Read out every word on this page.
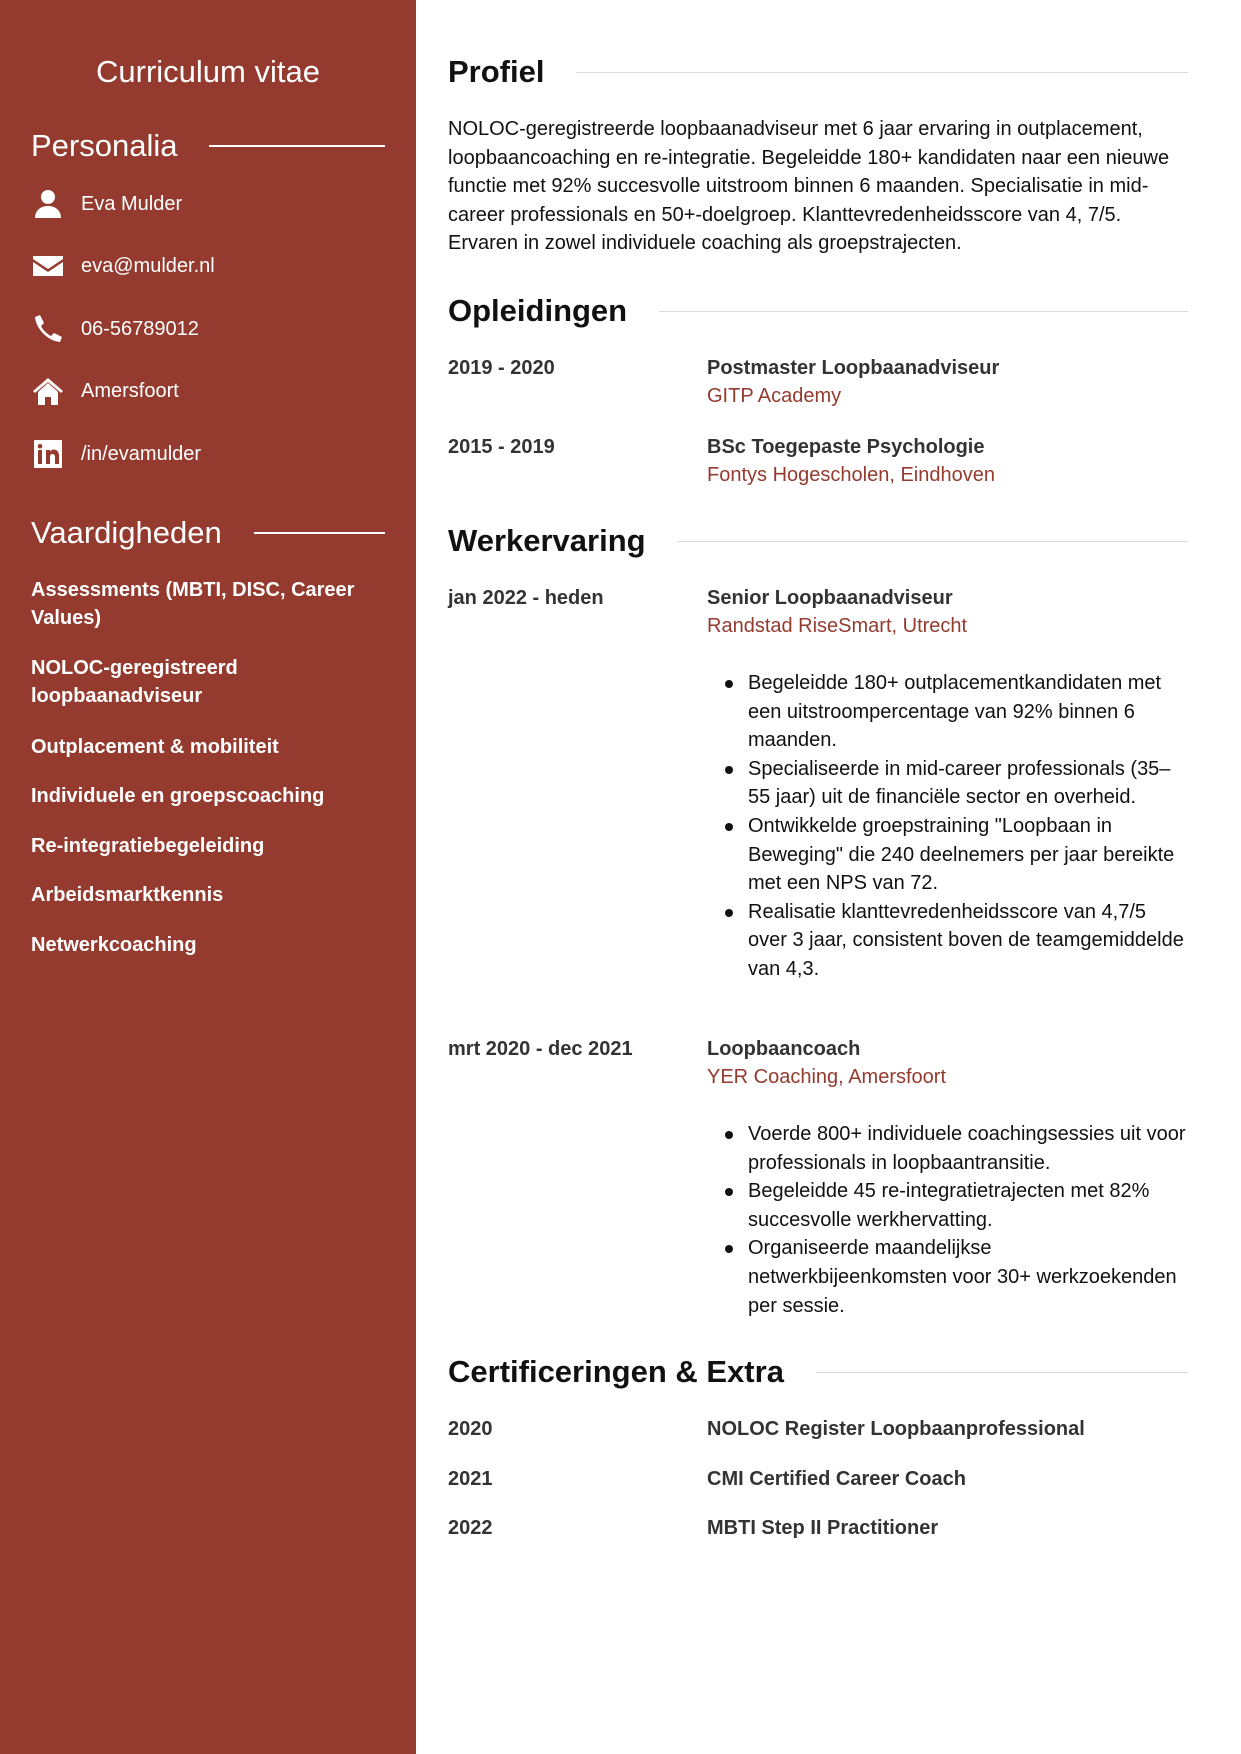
Curriculum vitae
Personalia
Eva Mulder
eva@mulder.nl
06-56789012
Amersfoort
/in/evamulder
Vaardigheden
Assessments (MBTI, DISC, Career Values)
NOLOC-geregistreerd loopbaanadviseur
Outplacement & mobiliteit
Individuele en groepscoaching
Re-integratiebegeleiding
Arbeidsmarktkennis
Netwerkcoaching
Profiel

NOLOC-geregistreerde loopbaanadviseur met 6 jaar ervaring in outplacement, loopbaancoaching en re-integratie. Begeleidde 180+ kandidaten naar een nieuwe functie met 92% succesvolle uitstroom binnen 6 maanden. Specialisatie in mid-career professionals en 50+-doelgroep. Klanttevredenheidsscore van 4, 7/5. Ervaren in zowel individuele coaching als groepstrajecten.

Opleidingen
2019 - 2020	Postmaster Loopbaanadviseur
GITP Academy
2015 - 2019	BSc Toegepaste Psychologie
Fontys Hogescholen, Eindhoven
Werkervaring
jan 2022 - heden	Senior Loopbaanadviseur
Randstad RiseSmart, Utrecht
Begeleidde 180+ outplacementkandidaten met een uitstroompercentage van 92% binnen 6 maanden.
Specialiseerde in mid-career professionals (35–55 jaar) uit de financiële sector en overheid.
Ontwikkelde groepstraining "Loopbaan in Beweging" die 240 deelnemers per jaar bereikte met een NPS van 72.
Realisatie klanttevredenheidsscore van 4,7/5 over 3 jaar, consistent boven de teamgemiddelde van 4,3.
mrt 2020 - dec 2021	Loopbaancoach
YER Coaching, Amersfoort
Voerde 800+ individuele coachingsessies uit voor professionals in loopbaantransitie.
Begeleidde 45 re-integratietrajecten met 82% succesvolle werkhervatting.
Organiseerde maandelijkse netwerkbijeenkomsten voor 30+ werkzoekenden per sessie.
Certificeringen & Extra
2020	NOLOC Register Loopbaanprofessional
2021	CMI Certified Career Coach
2022	MBTI Step II Practitioner
